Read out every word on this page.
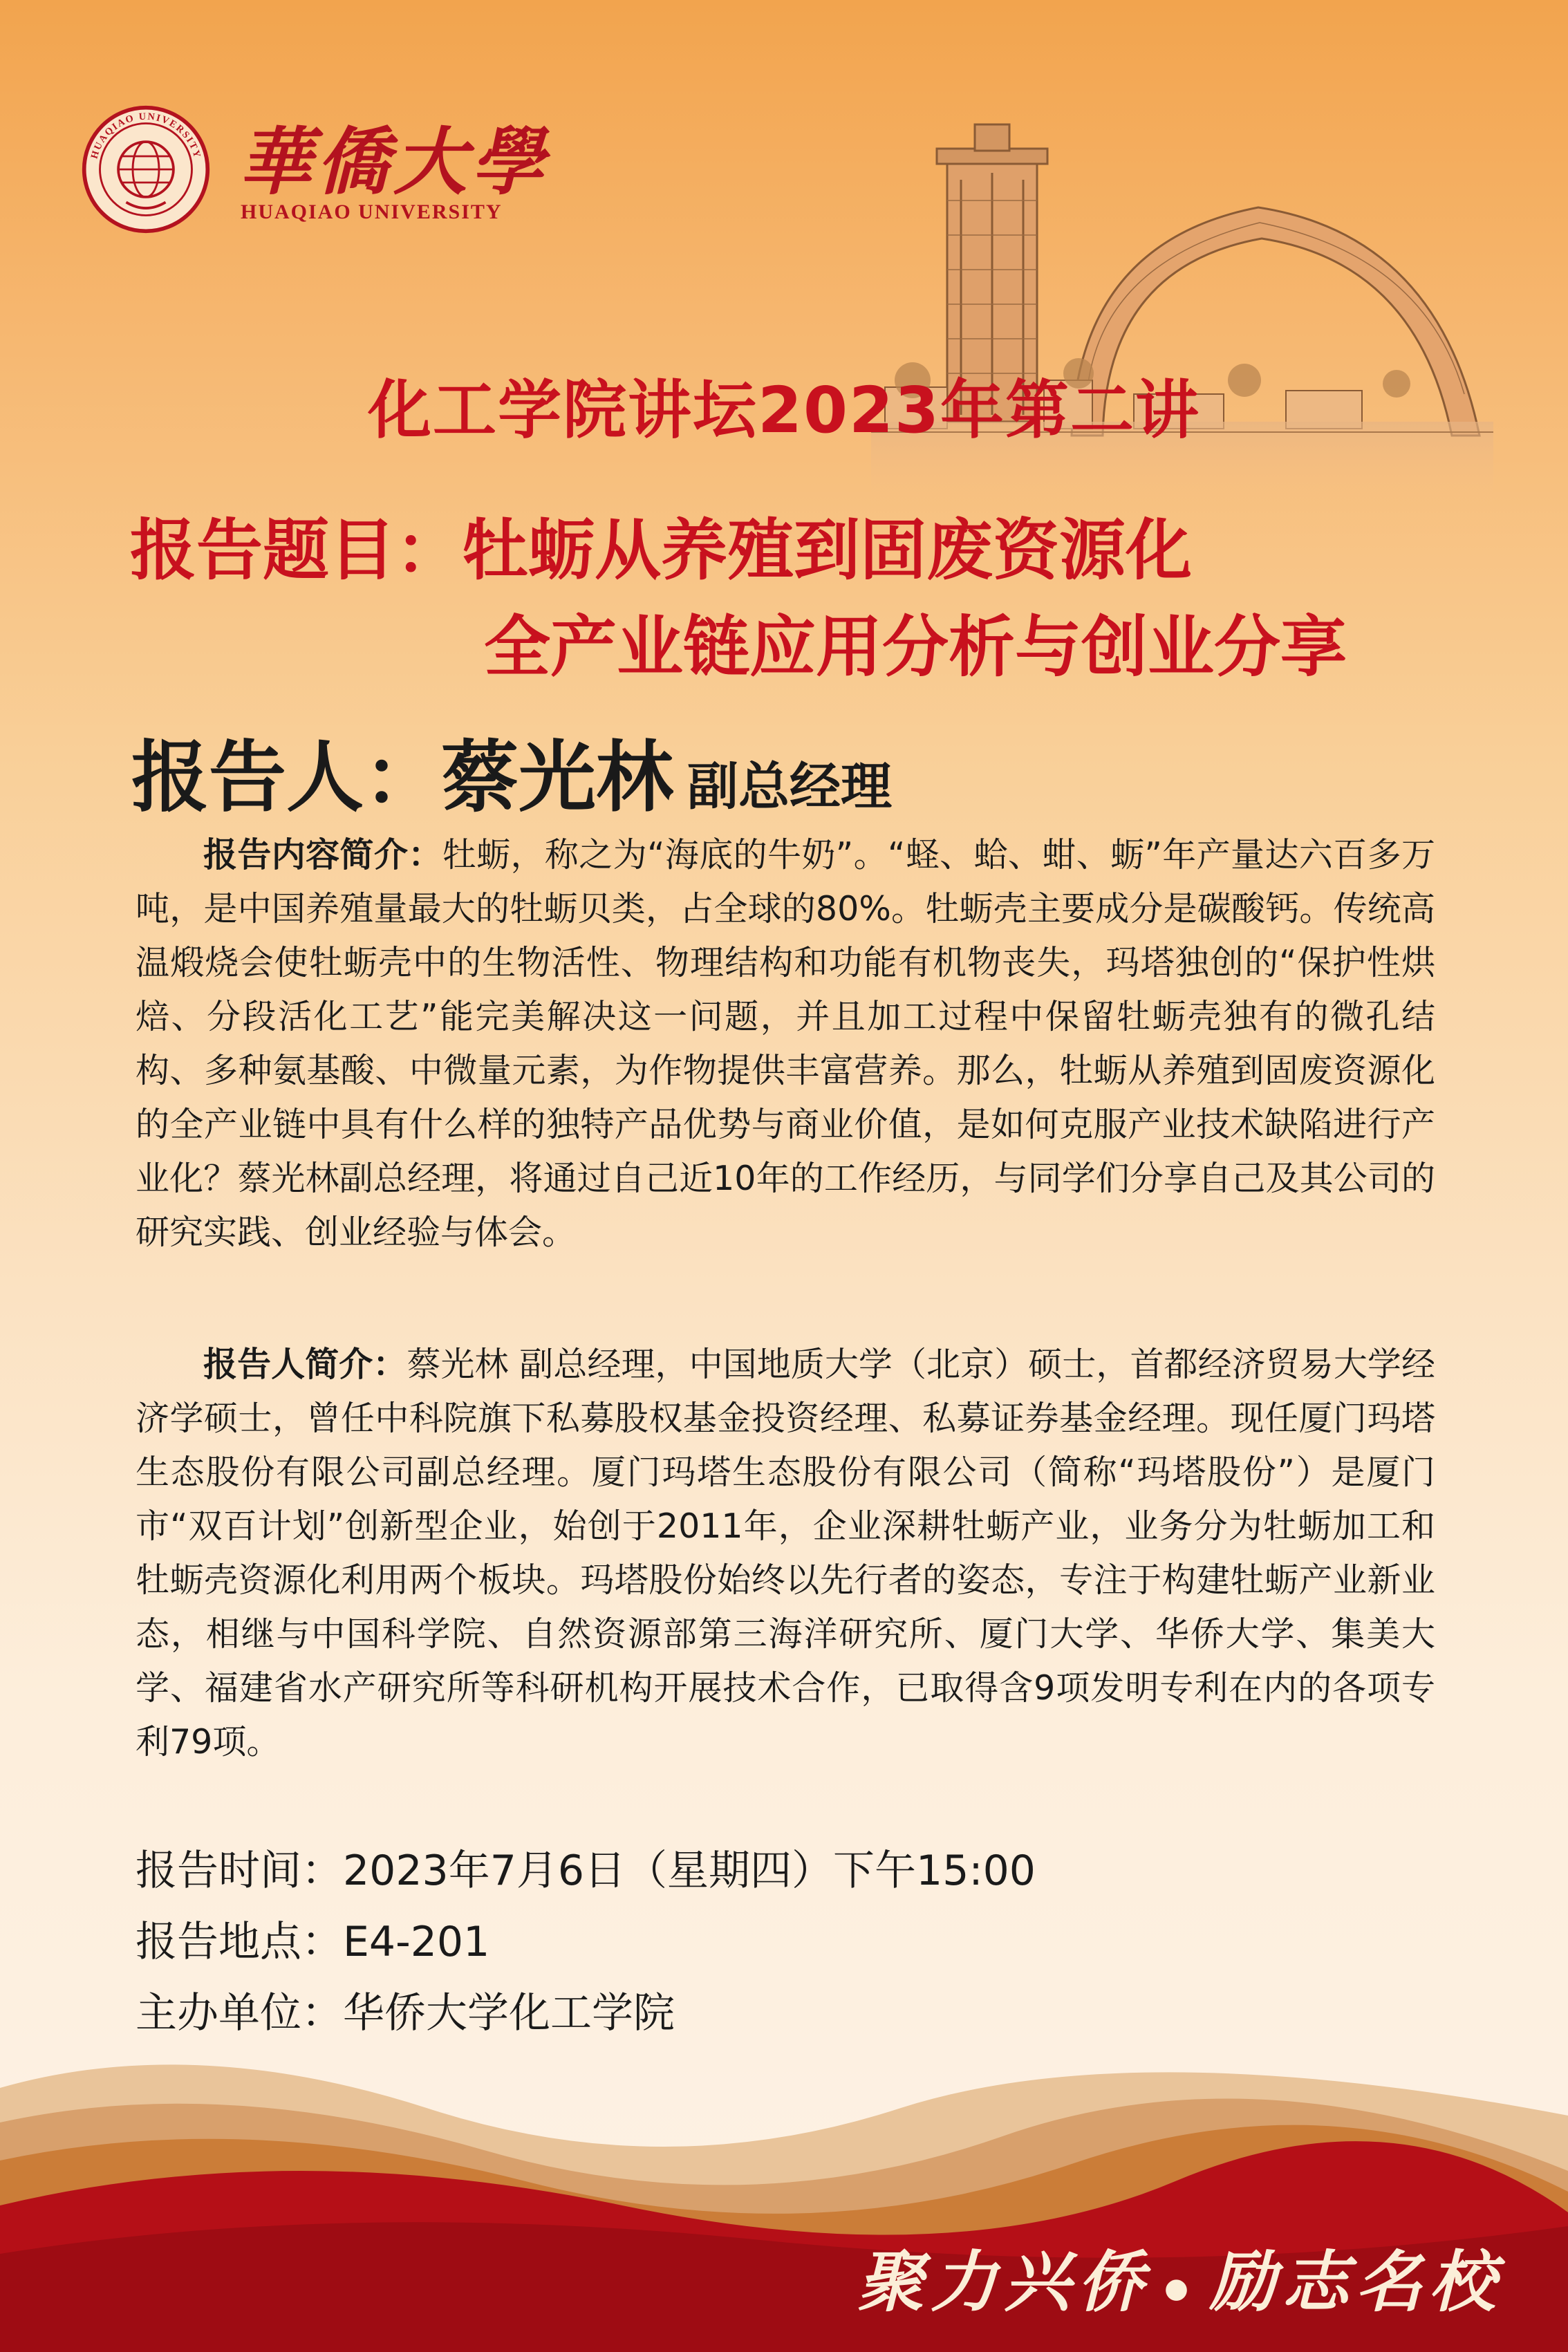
HUAQIAO UNIVERSITY 華僑大學
HUAQIAO UNIVERSITY
化工学院讲坛2023年第二讲
报告题目：牡蛎从养殖到固废资源化
全产业链应用分析与创业分享
报告人：蔡光林 副总经理
报告内容简介：牡蛎，称之为“海底的牛奶”。“蛏、蛤、蚶、蛎”年产量达六百多万吨，是中国养殖量最大的牡蛎贝类，占全球的80%。牡蛎壳主要成分是碳酸钙。传统高温煅烧会使牡蛎壳中的生物活性、物理结构和功能有机物丧失，玛塔独创的“保护性烘焙、分段活化工艺”能完美解决这一问题，并且加工过程中保留牡蛎壳独有的微孔结构、多种氨基酸、中微量元素，为作物提供丰富营养。那么，牡蛎从养殖到固废资源化的全产业链中具有什么样的独特产品优势与商业价值，是如何克服产业技术缺陷进行产业化？蔡光林副总经理，将通过自己近10年的工作经历，与同学们分享自己及其公司的研究实践、创业经验与体会。
报告人简介：蔡光林 副总经理，中国地质大学（北京）硕士，首都经济贸易大学经济学硕士，曾任中科院旗下私募股权基金投资经理、私募证券基金经理。现任厦门玛塔生态股份有限公司副总经理。厦门玛塔生态股份有限公司（简称“玛塔股份”）是厦门市“双百计划”创新型企业，始创于2011年，企业深耕牡蛎产业，业务分为牡蛎加工和牡蛎壳资源化利用两个板块。玛塔股份始终以先行者的姿态，专注于构建牡蛎产业新业态，相继与中国科学院、自然资源部第三海洋研究所、厦门大学、华侨大学、集美大学、福建省水产研究所等科研机构开展技术合作，已取得含9项发明专利在内的各项专利79项。
报告时间：2023年7月6日（星期四）下午15:00
报告地点：E4-201
主办单位：华侨大学化工学院
聚力兴侨 ● 励志名校
